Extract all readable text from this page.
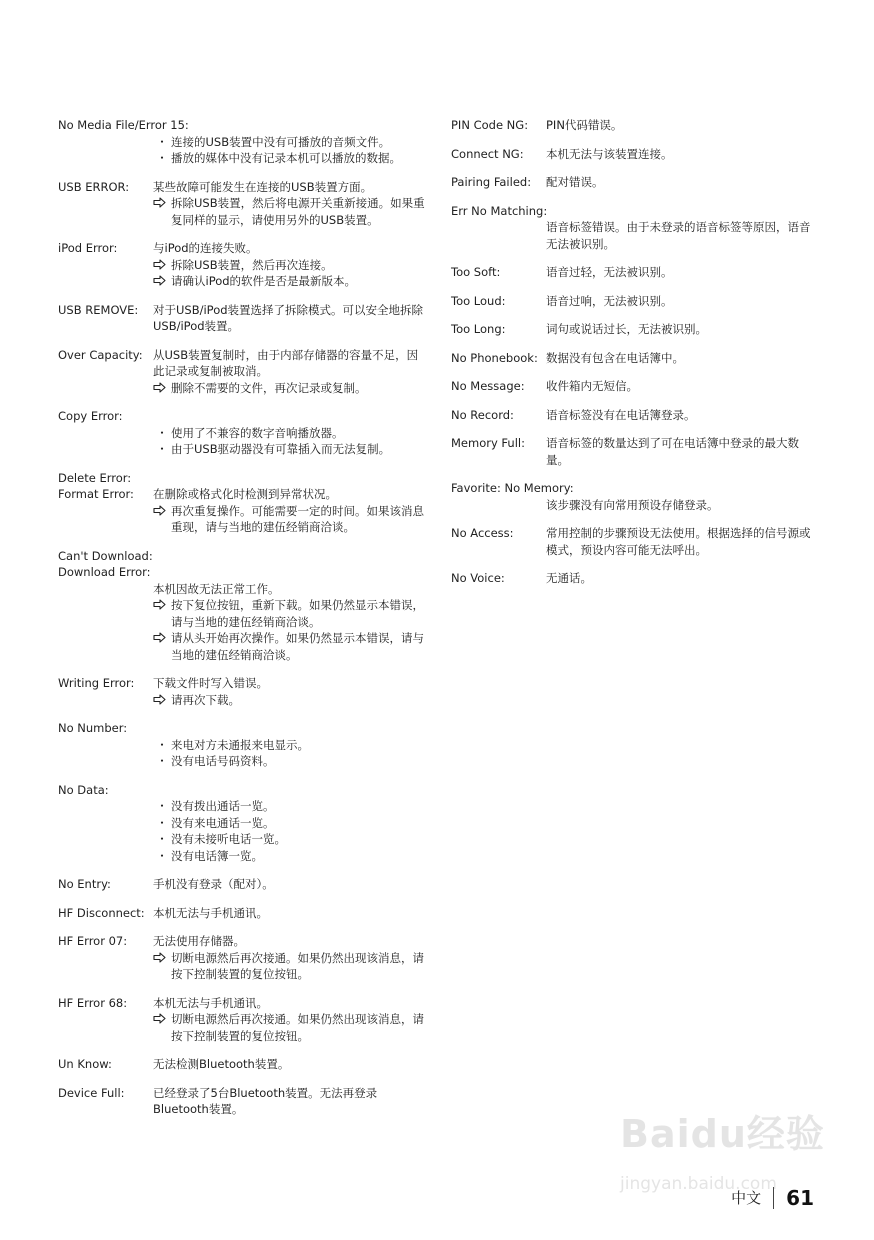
No Media File/Error 15:
・ 连接的USB装置中没有可播放的音频文件。
・ 播放的媒体中没有记录本机可以播放的数据。
USB ERROR:	某些故障可能发生在连接的USB装置方面。
拆除USB装置，然后将电源开关重新接通。如果重复同样的显示，请使用另外的USB装置。
iPod Error:	与iPod的连接失败。
拆除USB装置，然后再次连接。
请确认iPod的软件是否是最新版本。
USB REMOVE:	对于USB/iPod装置选择了拆除模式。可以安全地拆除USB/iPod装置。
Over Capacity: 从USB装置复制时，由于内部存储器的容量不足，因此记录或复制被取消。
删除不需要的文件，再次记录或复制。
Copy Error:
・ 使用了不兼容的数字音响播放器。
・ 由于USB驱动器没有可靠插入而无法复制。
Delete Error:
Format Error:	在删除或格式化时检测到异常状况。
再次重复操作。可能需要一定的时间。如果该消息重现，请与当地的建伍经销商洽谈。
Can't Download:
Download Error:
本机因故无法正常工作。
按下复位按钮，重新下载。如果仍然显示本错误，请与当地的建伍经销商洽谈。
请从头开始再次操作。如果仍然显示本错误，请与当地的建伍经销商洽谈。
Writing Error:	下载文件时写入错误。
请再次下载。
No Number:
・ 来电对方未通报来电显示。
・ 没有电话号码资料。
No Data:
・ 没有拨出通话一览。
・ 没有来电通话一览。
・ 没有未接听电话一览。
・ 没有电话簿一览。
No Entry:	手机没有登录（配对）。
HF Disconnect: 本机无法与手机通讯。
HF Error 07:	无法使用存储器。
切断电源然后再次接通。如果仍然出现该消息，请按下控制装置的复位按钮。
HF Error 68:	本机无法与手机通讯。
切断电源然后再次接通。如果仍然出现该消息，请按下控制装置的复位按钮。
Un Know:	无法检测Bluetooth装置。
Device Full:	已经登录了5台Bluetooth装置。无法再登录Bluetooth装置。
PIN Code NG:	PIN代码错误。
Connect NG:	本机无法与该装置连接。
Pairing Failed:	配对错误。
Err No Matching:
语音标签错误。由于未登录的语音标签等原因，语音无法被识别。
Too Soft:	语音过轻，无法被识别。
Too Loud:	语音过响，无法被识别。
Too Long:	词句或说话过长，无法被识别。
No Phonebook: 数据没有包含在电话簿中。
No Message:	收件箱内无短信。
No Record:	语音标签没有在电话簿登录。
Memory Full:	语音标签的数量达到了可在电话簿中登录的最大数量。
Favorite: No Memory:
该步骤没有向常用预设存储登录。
No Access:	常用控制的步骤预设无法使用。根据选择的信号源或模式，预设内容可能无法呼出。
No Voice:	无通话。
中文 61
Baidu经验
jingyan.baidu.com
